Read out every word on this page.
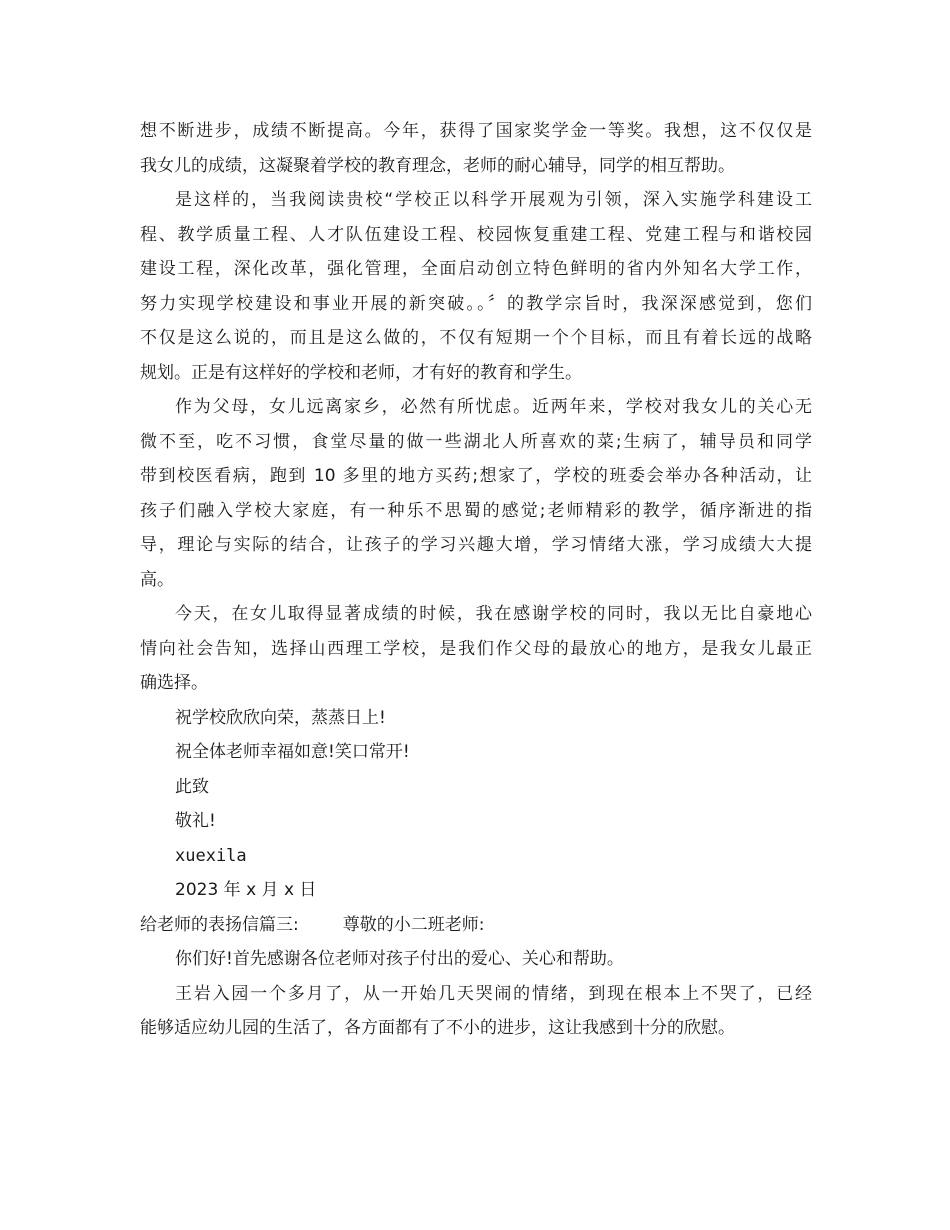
想不断进步，成绩不断提高。今年，获得了国家奖学金一等奖。我想，这不仅仅是
我女儿的成绩，这凝聚着学校的教育理念，老师的耐心辅导，同学的相互帮助。
是这样的，当我阅读贵校“学校正以科学开展观为引领，深入实施学科建设工
程、教学质量工程、人才队伍建设工程、校园恢复重建工程、党建工程与和谐校园
建设工程，深化改革，强化管理，全面启动创立特色鲜明的省内外知名大学工作，
努力实现学校建设和事业开展的新突破。。〞的教学宗旨时，我深深感觉到，您们
不仅是这么说的，而且是这么做的，不仅有短期一个个目标，而且有着长远的战略
规划。正是有这样好的学校和老师，才有好的教育和学生。
作为父母，女儿远离家乡，必然有所忧虑。近两年来，学校对我女儿的关心无
微不至，吃不习惯，食堂尽量的做一些湖北人所喜欢的菜;生病了，辅导员和同学
带到校医看病，跑到 10 多里的地方买药;想家了，学校的班委会举办各种活动，让
孩子们融入学校大家庭，有一种乐不思蜀的感觉;老师精彩的教学，循序渐进的指
导，理论与实际的结合，让孩子的学习兴趣大增，学习情绪大涨，学习成绩大大提
高。
今天，在女儿取得显著成绩的时候，我在感谢学校的同时，我以无比自豪地心
情向社会告知，选择山西理工学校，是我们作父母的最放心的地方，是我女儿最正
确选择。
祝学校欣欣向荣，蒸蒸日上!
祝全体老师幸福如意!笑口常开!
此致
敬礼!
xuexila
2023 年 x 月 x 日
给老师的表扬信篇三:	尊敬的小二班老师:
你们好!首先感谢各位老师对孩子付出的爱心、关心和帮助。
王岩入园一个多月了，从一开始几天哭闹的情绪，到现在根本上不哭了，已经
能够适应幼儿园的生活了，各方面都有了不小的进步，这让我感到十分的欣慰。
